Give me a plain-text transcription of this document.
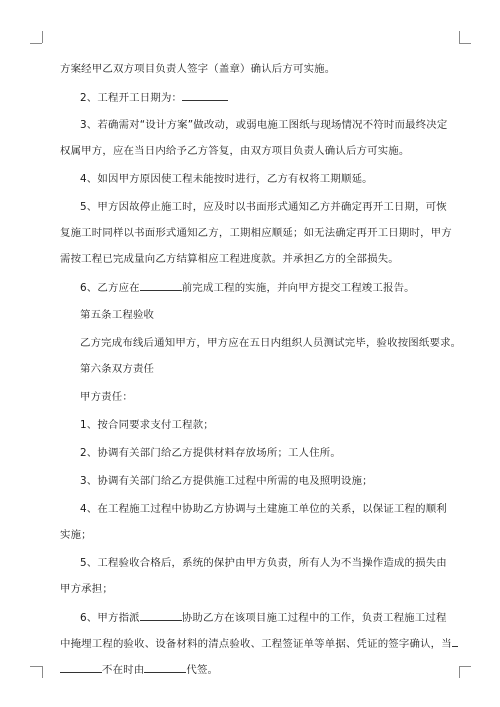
方案经甲乙双方项目负责人签字（盖章）确认后方可实施。
2、工程开工日期为：
3、若确需对“设计方案”做改动，或弱电施工图纸与现场情况不符时而最终决定
权属甲方，应在当日内给予乙方答复，由双方项目负责人确认后方可实施。
4、如因甲方原因使工程未能按时进行，乙方有权将工期顺延。
5、甲方因故停止施工时，应及时以书面形式通知乙方并确定再开工日期，可恢
复施工时同样以书面形式通知乙方，工期相应顺延；如无法确定再开工日期时，甲方
需按工程已完成量向乙方结算相应工程进度款。并承担乙方的全部损失。
6、乙方应在	前完成工程的实施，并向甲方提交工程竣工报告。
第五条工程验收
乙方完成布线后通知甲方，甲方应在五日内组织人员测试完毕，验收按图纸要求。
第六条双方责任
甲方责任：
1、按合同要求支付工程款；
2、协调有关部门给乙方提供材料存放场所；工人住所。
3、协调有关部门给乙方提供施工过程中所需的电及照明设施；
4、在工程施工过程中协助乙方协调与土建施工单位的关系，以保证工程的顺利
实施；
5、工程验收合格后，系统的保护由甲方负责，所有人为不当操作造成的损失由
甲方承担；
6、甲方指派	协助乙方在该项目施工过程中的工作，负责工程施工过程
中掩埋工程的验收、设备材料的清点验收、工程签证单等单据、凭证的签字确认，当
不在时由	代签。
